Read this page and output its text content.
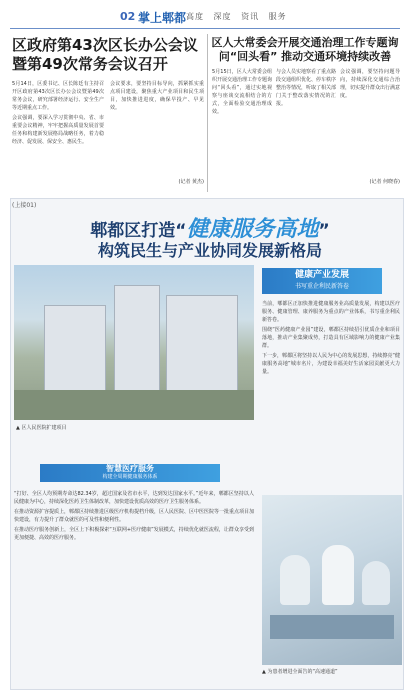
02 掌上郫都 高度 深度 资讯 服务
区政府第43次区长办公会议暨第49次常务会议召开

5月14日，区委书记、区长陈廷有主持召开区政府第43次区长办公会议暨第49次常务会议，研究部署经济运行、安全生产等近期重点工作。

会议强调，要深入学习贯彻中央、省、市重要会议精神，牢牢把握高质量发展首要任务和构建新发展格局战略任务，着力稳经济、促发展、保安全、惠民生。

会议要求，要坚持目标导向，抓紧抓实重点项目建设，聚焦重大产业项目和民生项目，加快推进进度，确保早投产、早见效。

(记者 黄杰)
区人大常委会开展交通治理工作专题询问“回头看” 推动交通环境持续改善

5月15日，区人大常委会组织开展交通治理工作专题询问“回头看”，通过实地视察与座谈交流相结合的方式，全面检验交通治理成效。

与会人员实地察看了重点路段交通组织优化、停车秩序整治等情况，听取了相关部门关于整改落实情况的汇报。

会议强调，要坚持问题导向，持续深化交通综合治理，切实提升群众出行满意度。

(记者 何晓春)
(上接01)
郫都区打造“健康服务高地”
构筑民生与产业协同发展新格局
▲ 区人民医院扩建项目
健康产业发展
书写重企利民新答卷

当前，郫都区正加快推进健康服务业高质量发展，构建以医疗服务、健康管理、康养服务为重点的产业体系，书写重企利民新答卷。

围绕“医药健康产业园”建设，郫都区持续招引优质企业和项目落地，推动产业集聚成势，打造具有区域影响力的健康产业集群。

下一步，郫都区将坚持以人民为中心的发展思想，持续擦亮“健康服务高地”城市名片，为建设幸福美好生活家园贡献更大力量。

智慧医疗服务
构建全周期健康服务体系

“打好、全区人均预期寿命达82.34岁，超过国家及省市水平，达到发达国家水平。”近年来，郫都区坚持以人民健康为中心，持续深化医药卫生体制改革，加快建设优质高效的医疗卫生服务体系。

在推动资源扩容提质上，郫都区持续推进区级医疗机构提档升级，区人民医院、区中医医院等一批重点项目加快建设，有力提升了群众就医的可及性和便利性。

在推动医疗服务创新上，全区上下积极探索“互联网+医疗健康”发展模式，持续优化就医流程，让群众享受到更加便捷、高效的医疗服务。

▲ 为患者增进全面告的“高速通道”
